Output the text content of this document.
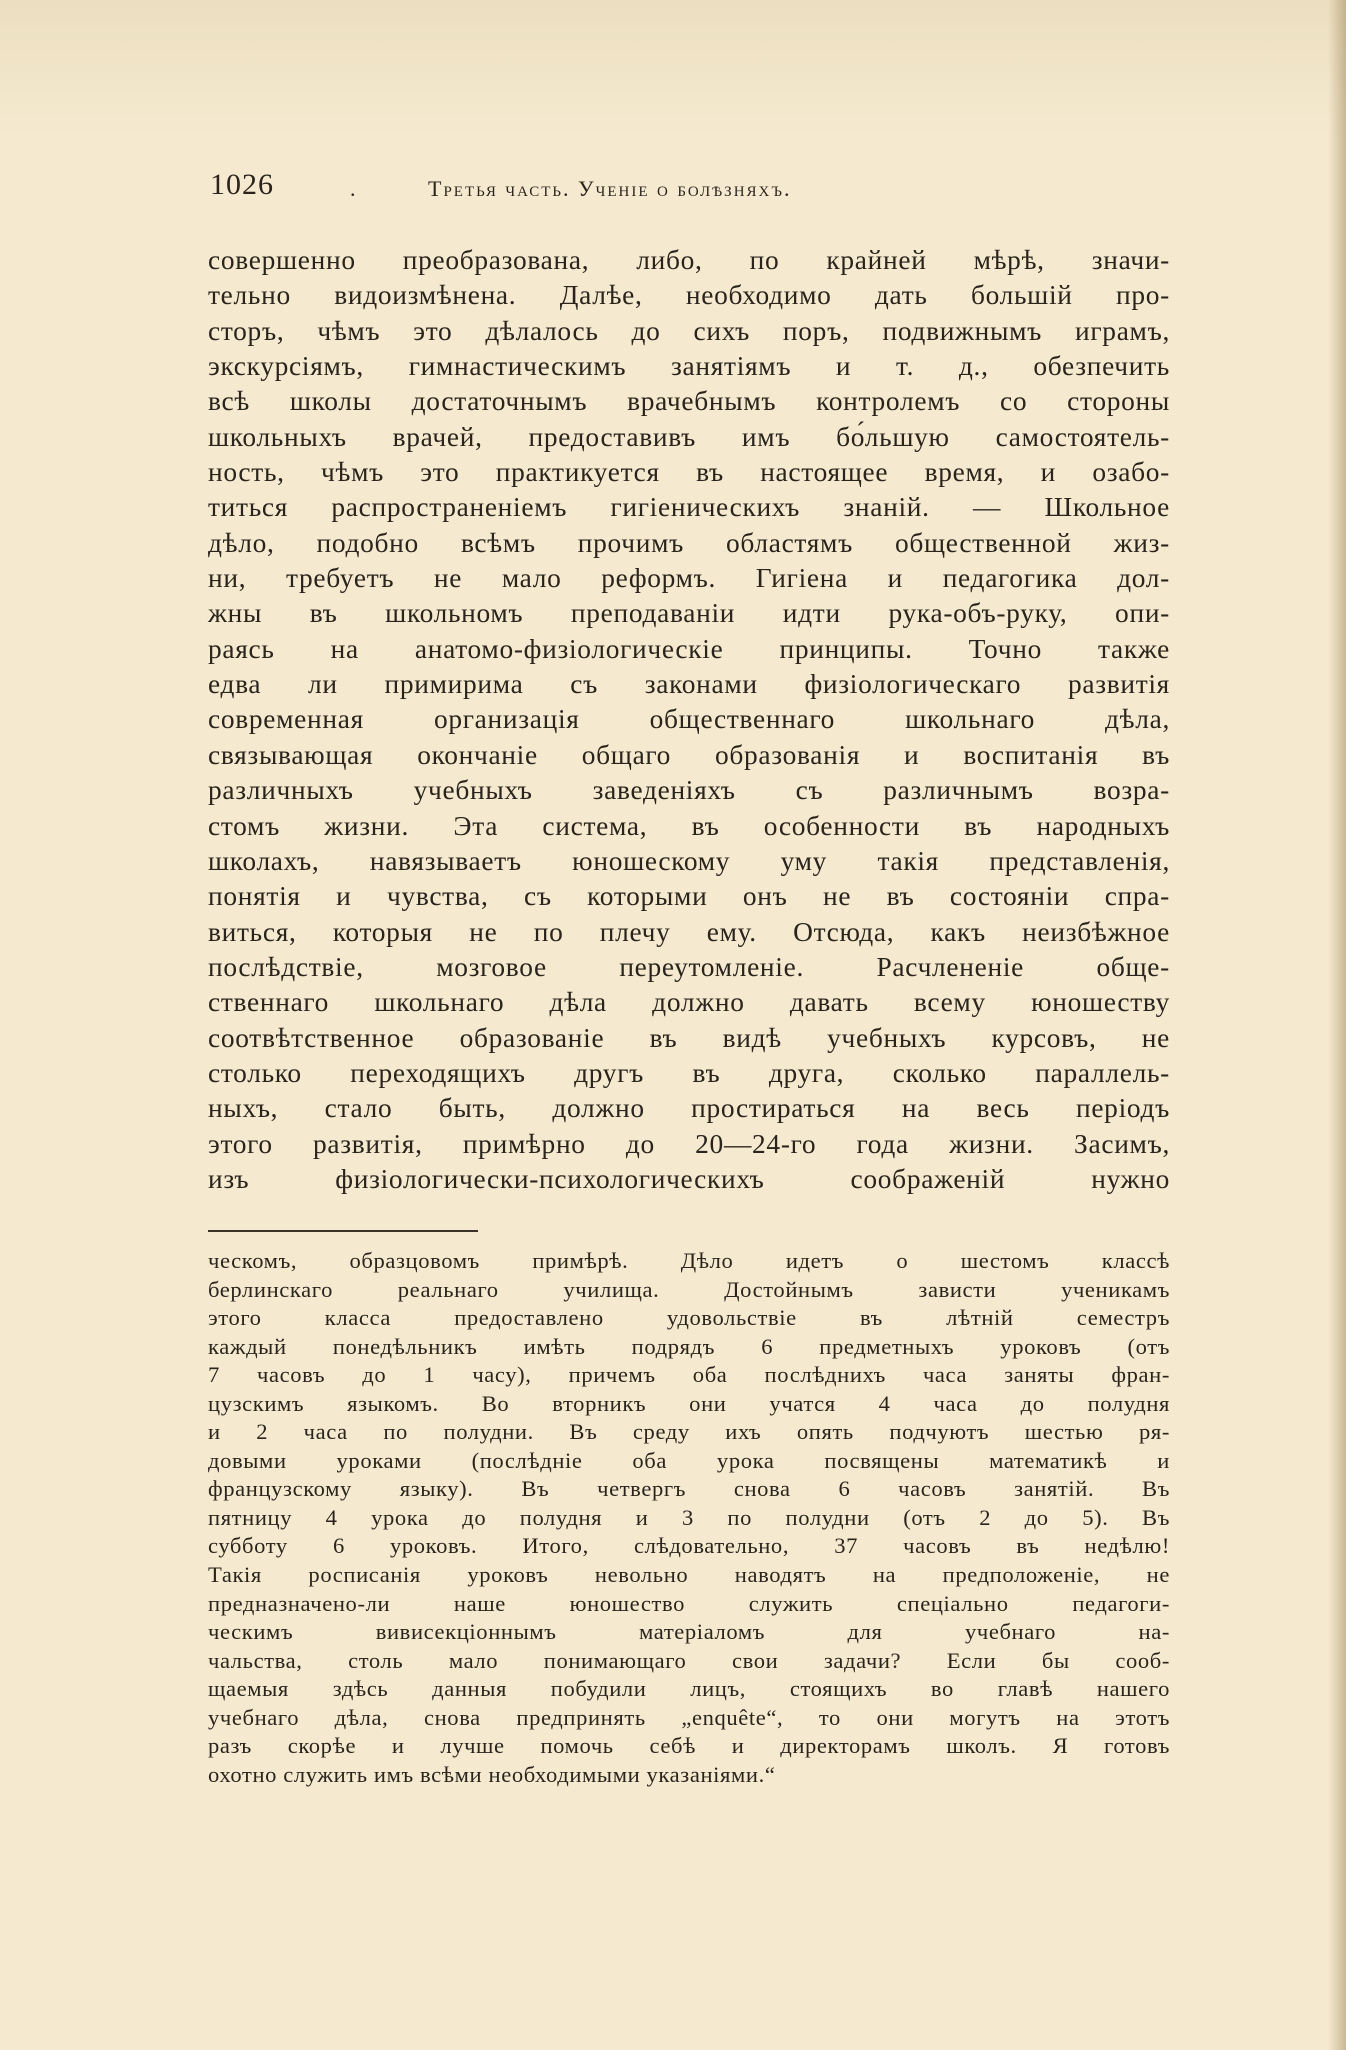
1026	.	Третья часть. Ученіе о болѣзняхъ.
совершенно преобразована, либо, по крайней мѣрѣ, значи-
тельно видоизмѣнена. Далѣе, необходимо дать большій про-
сторъ, чѣмъ это дѣлалось до сихъ поръ, подвижнымъ играмъ,
экскурсіямъ, гимнастическимъ занятіямъ и т. д., обезпечить
всѣ школы достаточнымъ врачебнымъ контролемъ со стороны
школьныхъ врачей, предоставивъ имъ бо́льшую самостоятель-
ность, чѣмъ это практикуется въ настоящее время, и озабо-
титься распространеніемъ гигіеническихъ знаній. — Школьное
дѣло, подобно всѣмъ прочимъ областямъ общественной жиз-
ни, требуетъ не мало реформъ. Гигіена и педагогика дол-
жны въ школьномъ преподаваніи идти рука-объ-руку, опи-
раясь на анатомо-физіологическіе принципы. Точно также
едва ли примирима съ законами физіологическаго развитія
современная организація общественнаго школьнаго дѣла,
связывающая окончаніе общаго образованія и воспитанія въ
различныхъ учебныхъ заведеніяхъ съ различнымъ возра-
стомъ жизни. Эта система, въ особенности въ народныхъ
школахъ, навязываетъ юношескому уму такія представленія,
понятія и чувства, съ которыми онъ не въ состояніи спра-
виться, которыя не по плечу ему. Отсюда, какъ неизбѣжное
послѣдствіе, мозговое переутомленіе. Расчлененіе обще-
ственнаго школьнаго дѣла должно давать всему юношеству
соотвѣтственное образованіе въ видѣ учебныхъ курсовъ, не
столько переходящихъ другъ въ друга, сколько параллель-
ныхъ, стало быть, должно простираться на весь періодъ
этого развитія, примѣрно до 20—24-го года жизни. Засимъ,
изъ физіологически-психологическихъ соображеній нужно
ческомъ, образцовомъ примѣрѣ. Дѣло идетъ о шестомъ классѣ
берлинскаго реальнаго училища. Достойнымъ зависти ученикамъ
этого класса предоставлено удовольствіе въ лѣтній семестръ
каждый понедѣльникъ имѣть подрядъ 6 предметныхъ уроковъ (отъ
7 часовъ до 1 часу), причемъ оба послѣднихъ часа заняты фран-
цузскимъ языкомъ. Во вторникъ они учатся 4 часа до полудня
и 2 часа по полудни. Въ среду ихъ опять подчуютъ шестью ря-
довыми уроками (послѣдніе оба урока посвящены математикѣ и
французскому языку). Въ четвергъ снова 6 часовъ занятій. Въ
пятницу 4 урока до полудня и 3 по полудни (отъ 2 до 5). Въ
субботу 6 уроковъ. Итого, слѣдовательно, 37 часовъ въ недѣлю!
Такія росписанія уроковъ невольно наводятъ на предположеніе, не
предназначено-ли наше юношество служить спеціально педагоги-
ческимъ вивисекціоннымъ матеріаломъ для учебнаго на-
чальства, столь мало понимающаго свои задачи? Если бы сооб-
щаемыя здѣсь данныя побудили лицъ, стоящихъ во главѣ нашего
учебнаго дѣла, снова предпринять „enquête“, то они могутъ на этотъ
разъ скорѣе и лучше помочь себѣ и директорамъ школъ. Я готовъ
охотно служить имъ всѣми необходимыми указаніями.“
